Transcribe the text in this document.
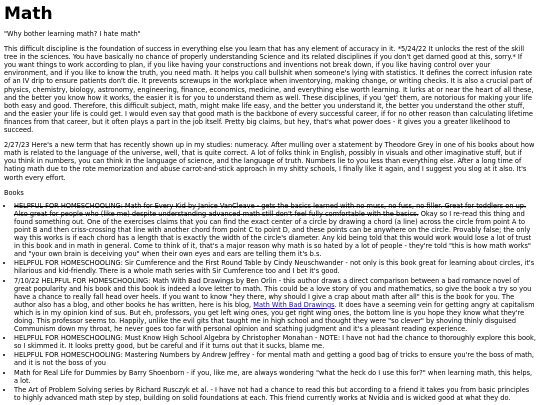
Math

"Why bother learning math? I hate math"

This difficult discipline is the foundation of success in everything else you learn that has any element of accuracy in it. *5/24/22 It unlocks the rest of the skill tree in the sciences. You have basically no chance of properly understanding Science and its related disciplines if you don't get darned good at this, sorry.* If you want things to work according to plan, if you like having your constructions and inventions not break down, if you like having control over your environment, and if you like to know the truth, you need math. It helps you call bullshit when someone's lying with statistics. It defines the correct infusion rate of an IV drip to ensure patients don't die. It prevents screwups in the workplace when inventorying, making change, or writing checks. It is also a crucial part of physics, chemistry, biology, astronomy, engineering, finance, economics, medicine, and everything else worth learning. It lurks at or near the heart of all these, and the better you know how it works, the easier it is for you to understand them as well. These disciplines, if you 'get' them, are notorious for making your life both easy and good. Therefore, this difficult subject, math, might make life easy, and the better you understand it, the better you understand the other stuff, and the easier your life is could get. I would even say that good math is the backbone of every successful career, if for no other reason than calculating lifetime finances from that career, but it often plays a part in the job itself. Pretty big claims, but hey, that's what power does - it gives you a greater likelihood to succeed.

2/27/23 Here's a new term that has recently shown up in my studies: numeracy. After mulling over a statement by Theodore Grey in one of his books about how math is related to the language of the universe, well, that is quite correct. A lot of folks think in English, possibly in visuals and other imaginative stuff, but if you think in numbers, you can think in the language of science, and the language of truth. Numbers lie to you less than everything else. After a long time of hating math due to the rote memorization and abuse carrot-and-stick approach in my shitty schools, I finally like it again, and I suggest you slog at it also. It's worth every effort.

Books
• HELPFUL FOR HOMESCHOOLING: Math for Every Kid by Janice VanCleave - gets the basics learned with no muss, no fuss, no filler. Great for toddlers on up. Also great for people who (like me) despite understanding advanced math still don't feel fully comfortable with the basics. Okay so I re-read this thing and found something out. One of the exercises claims that you can find the exact center of a circle by drawing a chord (a line) across the circle from point A to point B and then criss-crossing that line with another chord from point C to point D, and these points can be anywhere on the circle. Provably false; the only way this works is if each chord has a length that is exactly the width of the circle's diameter. Any kid being told that this would work would lose a lot of trust in this book and in math in general. Come to think of it, that's a major reason why math is so hated by a lot of people - they're told "this is how math works" and "your own brain is deceiving you" when their own eyes and ears are telling them it's b.s.
• HELPFUL FOR HOMESCHOOLING: Sir Cumference and the First Round Table by Cindy Neuschwander - not only is this book great for learning about circles, it's hilarious and kid-friendly. There is a whole math series with Sir Cumference too and I bet it's good.
• 7/10/22 HELPFUL FOR HOMESCHOOLING: Math With Bad Drawings by Ben Orlin - this author draws a direct comparison between a bad romance novel of great popularity and his book and this book is indeed a love letter to math. This could be a love story of you and mathematics, so give the book a try so you have a chance to really fall head over heels. If you want to know "hey there, why should I give a crap about math after all" this is the book for you. The author also has a blog, and other books he has written, here is his blog, Math With Bad Drawings. It does have a seeming vein for getting angry at capitalism which is in my opinion kind of sus. But eh, professors, you get left wing ones, you get right wing ones, the bottom line is you hope they know what they're doing. This professor seems to. Happily, unlike the evil gits that taught me in high school and thought they were "so clever" by shoving thinly disguised Communism down my throat, he never goes too far with personal opinion and scathing judgment and it's a pleasant reading experience.
• HELPFUL FOR HOMESCHOOLING: Must Know High School Algebra by Christopher Monahan - NOTE: I have not had the chance to thoroughly explore this book, so I skimmed it. It looks pretty good, but be careful and if it turns out that it sucks, blame me.
• HELPFUL FOR HOMESCHOOLING: Mastering Numbers by Andrew Jeffrey - for mental math and getting a good bag of tricks to ensure you're the boss of math, and it is not the boss of you
• Math for Real Life for Dummies by Barry Shoenborn - if you, like me, are always wondering "what the heck do I use this for?" when learning math, this helps, a lot.
• The Art of Problem Solving series by Richard Rusczyk et al. - I have not had a chance to read this but according to a friend it takes you from basic principles to highly advanced math step by step, building on solid foundations at each. This friend currently works at Nvidia and is wicked good at what they do.
